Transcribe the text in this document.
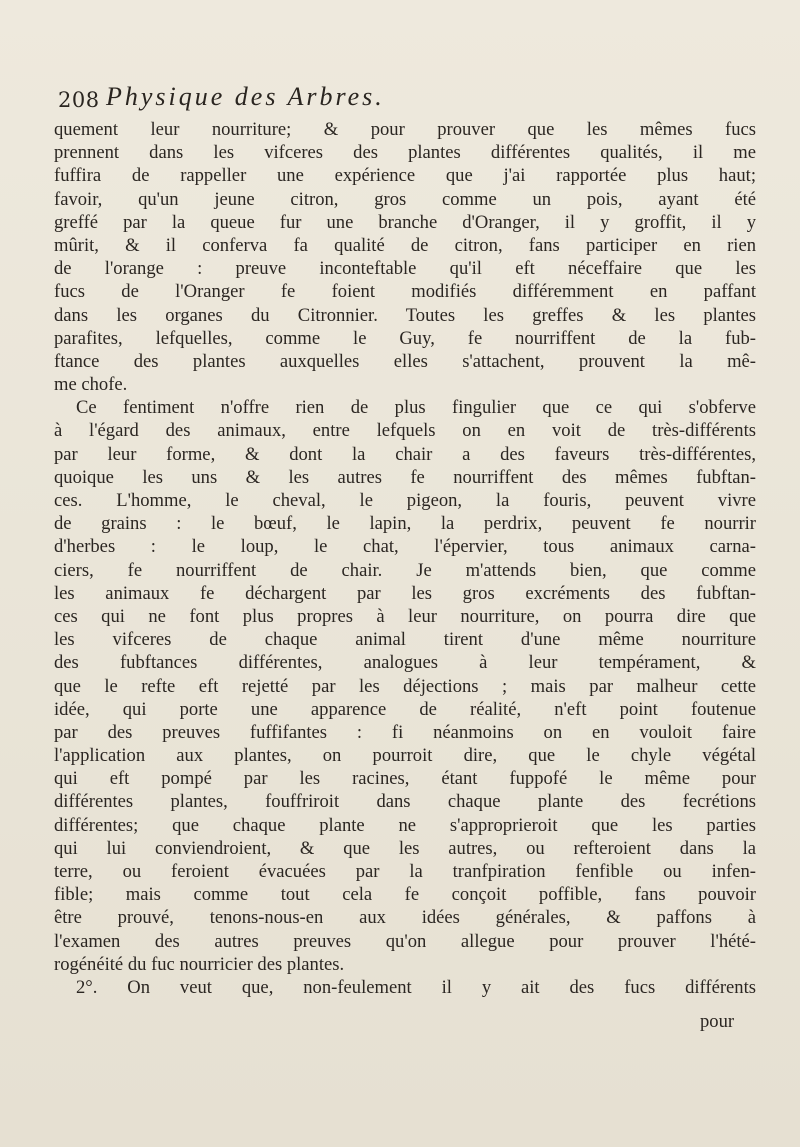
208 Physique des Arbres.
quement leur nourriture; & pour prouver que les mêmes fucs
prennent dans les vifceres des plantes différentes qualités, il me
fuffira de rappeller une expérience que j'ai rapportée plus haut;
favoir, qu'un jeune citron, gros comme un pois, ayant été
greffé par la queue fur une branche d'Oranger, il y groffit, il y
mûrit, & il conferva fa qualité de citron, fans participer en rien
de l'orange : preuve inconteftable qu'il eft néceffaire que les
fucs de l'Oranger fe foient modifiés différemment en paffant
dans les organes du Citronnier. Toutes les greffes & les plantes
parafites, lefquelles, comme le Guy, fe nourriffent de la fub-
ftance des plantes auxquelles elles s'attachent, prouvent la mê-
me chofe.
Ce fentiment n'offre rien de plus fingulier que ce qui s'obferve
à l'égard des animaux, entre lefquels on en voit de très-différents
par leur forme, & dont la chair a des faveurs très-différentes,
quoique les uns & les autres fe nourriffent des mêmes fubftan-
ces. L'homme, le cheval, le pigeon, la fouris, peuvent vivre
de grains : le bœuf, le lapin, la perdrix, peuvent fe nourrir
d'herbes : le loup, le chat, l'épervier, tous animaux carna-
ciers, fe nourriffent de chair. Je m'attends bien, que comme
les animaux fe déchargent par les gros excréments des fubftan-
ces qui ne font plus propres à leur nourriture, on pourra dire que
les vifceres de chaque animal tirent d'une même nourriture
des fubftances différentes, analogues à leur tempérament, &
que le refte eft rejetté par les déjections ; mais par malheur cette
idée, qui porte une apparence de réalité, n'eft point foutenue
par des preuves fuffifantes : fi néanmoins on en vouloit faire
l'application aux plantes, on pourroit dire, que le chyle végétal
qui eft pompé par les racines, étant fuppofé le même pour
différentes plantes, fouffriroit dans chaque plante des fecrétions
différentes; que chaque plante ne s'approprieroit que les parties
qui lui conviendroient, & que les autres, ou refteroient dans la
terre, ou feroient évacuées par la tranfpiration fenfible ou infen-
fible; mais comme tout cela fe conçoit poffible, fans pouvoir
être prouvé, tenons-nous-en aux idées générales, & paffons à
l'examen des autres preuves qu'on allegue pour prouver l'hété-
rogénéité du fuc nourricier des plantes.
2°. On veut que, non-feulement il y ait des fucs différents
pour
